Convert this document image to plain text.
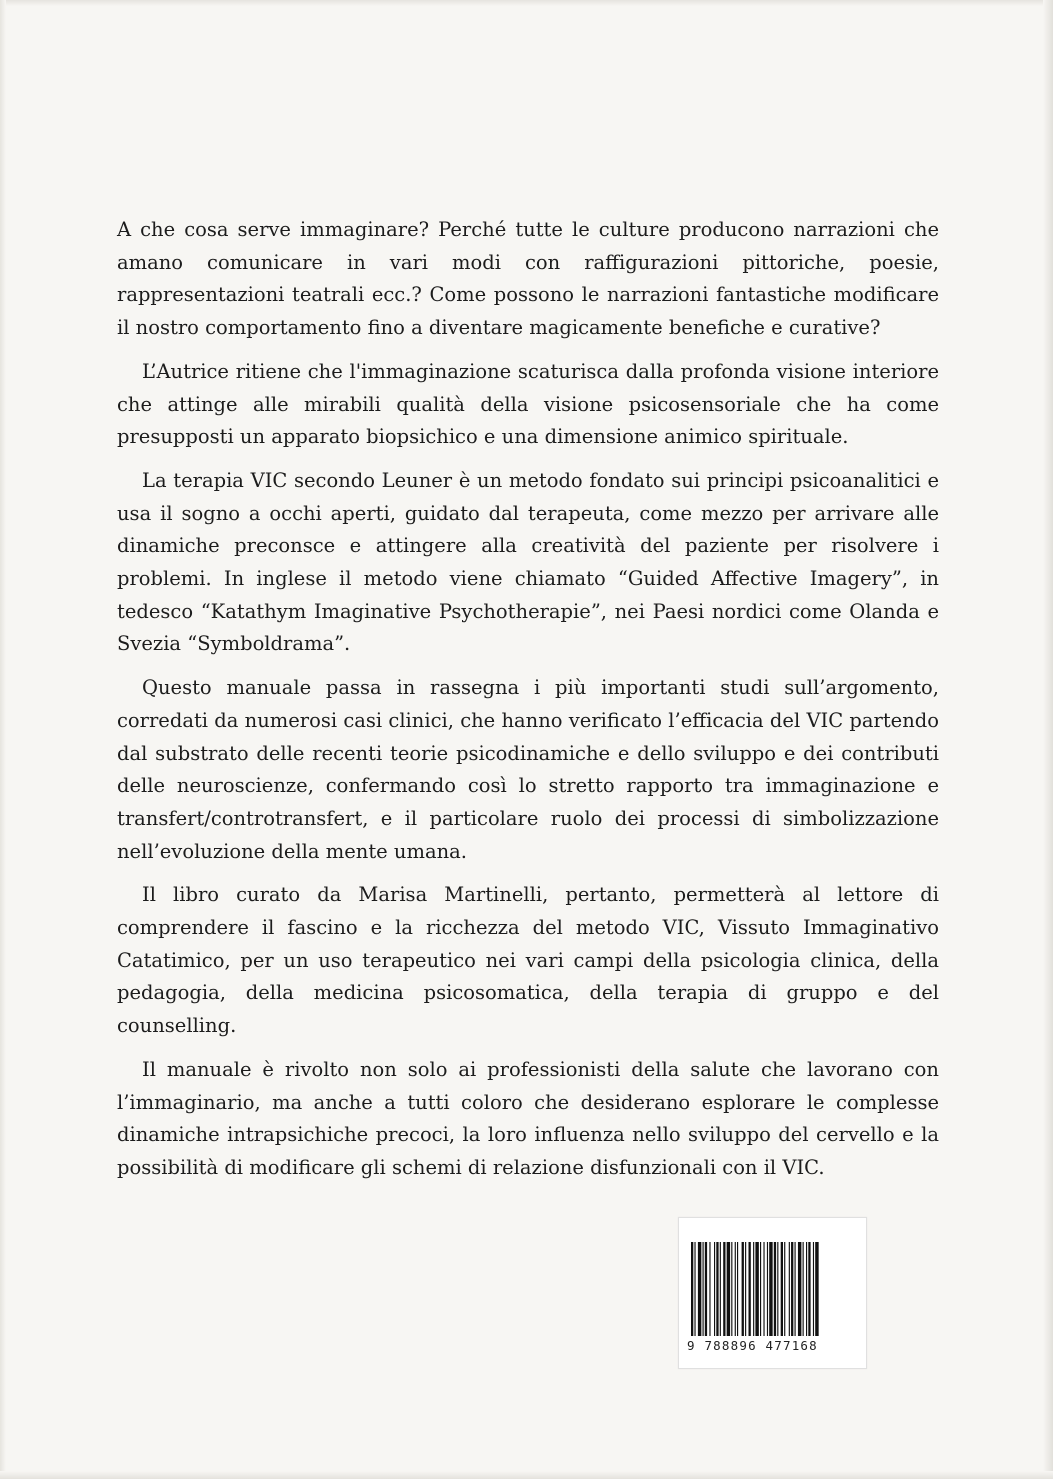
A che cosa serve immaginare? Perché tutte le culture producono narrazioni che amano comunicare in vari modi con raffigurazioni pittoriche, poesie, rappresentazioni teatrali ecc.? Come possono le narrazioni fantastiche modificare il nostro comportamento fino a diventare magicamente benefiche e curative?

L’Autrice ritiene che l'immaginazione scaturisca dalla profonda visione interiore che attinge alle mirabili qualità della visione psicosensoriale che ha come presupposti un apparato biopsichico e una dimensione animico spirituale.

La terapia VIC secondo Leuner è un metodo fondato sui principi psicoanalitici e usa il sogno a occhi aperti, guidato dal terapeuta, come mezzo per arrivare alle dinamiche preconsce e attingere alla creatività del paziente per risolvere i problemi. In inglese il metodo viene chiamato “Guided Affective Imagery”, in tedesco “Katathym Imaginative Psychotherapie”, nei Paesi nordici come Olanda e Svezia “Symboldrama”.

Questo manuale passa in rassegna i più importanti studi sull’argomento, corredati da numerosi casi clinici, che hanno verificato l’efficacia del VIC partendo dal substrato delle recenti teorie psicodinamiche e dello sviluppo e dei contributi delle neuroscienze, confermando così lo stretto rapporto tra immaginazione e transfert/controtransfert, e il particolare ruolo dei processi di simbolizzazione nell’evoluzione della mente umana.

Il libro curato da Marisa Martinelli, pertanto, permetterà al lettore di comprendere il fascino e la ricchezza del metodo VIC, Vissuto Immaginativo Catatimico, per un uso terapeutico nei vari campi della psicologia clinica, della pedagogia, della medicina psicosomatica, della terapia di gruppo e del counselling.

Il manuale è rivolto non solo ai professionisti della salute che lavorano con l’immaginario, ma anche a tutti coloro che desiderano esplorare le complesse dinamiche intrapsichiche precoci, la loro influenza nello sviluppo del cervello e la possibilità di modificare gli schemi di relazione disfunzionali con il VIC.

9 788896 477168
